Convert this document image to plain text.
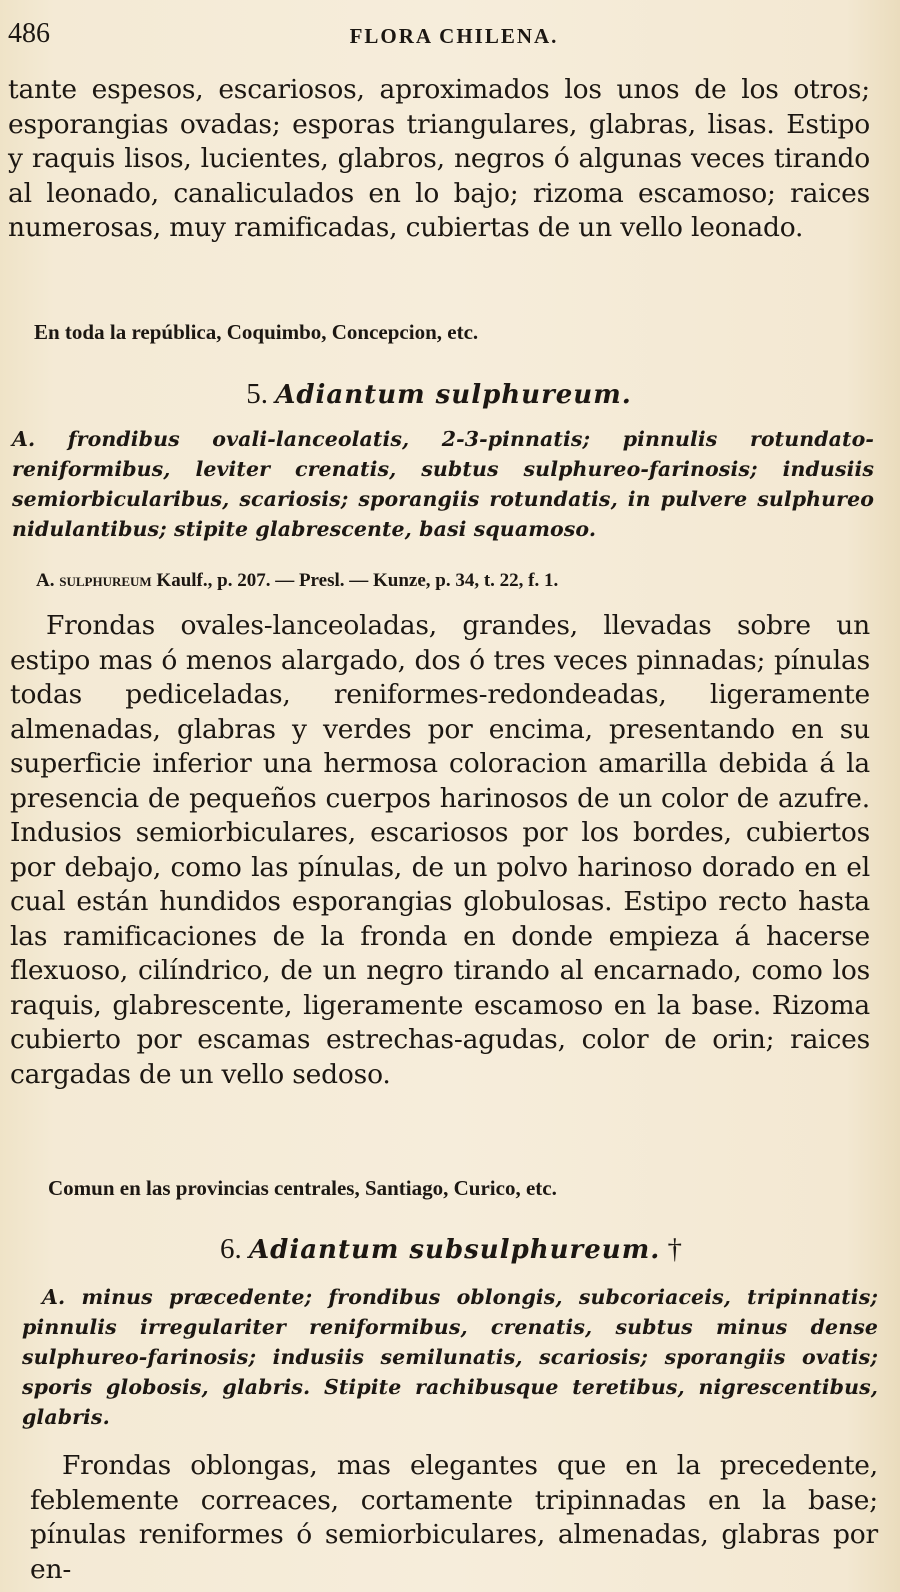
486	FLORA CHILENA.
tante espesos, escariosos, aproximados los unos de los otros; esporangias ovadas; esporas triangulares, glabras, lisas. Estipo y raquis lisos, lucientes, glabros, negros ó algunas veces tirando al leonado, canaliculados en lo bajo; rizoma escamoso; raices numerosas, muy ramificadas, cubiertas de un vello leonado.
En toda la república, Coquimbo, Concepcion, etc.
5. Adiantum sulphureum.
A. frondibus ovali-lanceolatis, 2-3-pinnatis; pinnulis rotundato-reniformibus, leviter crenatis, subtus sulphureo-farinosis; indusiis semiorbicularibus, scariosis; sporangiis rotundatis, in pulvere sulphureo nidulantibus; stipite glabrescente, basi squamoso.
A. sulphureum Kaulf., p. 207. — Presl. — Kunze, p. 34, t. 22, f. 1.
Frondas ovales-lanceoladas, grandes, llevadas sobre un estipo mas ó menos alargado, dos ó tres veces pinnadas; pínulas todas pediceladas, reniformes-redondeadas, ligeramente almenadas, glabras y verdes por encima, presentando en su superficie inferior una hermosa coloracion amarilla debida á la presencia de pequeños cuerpos harinosos de un color de azufre. Indusios semiorbiculares, escariosos por los bordes, cubiertos por debajo, como las pínulas, de un polvo harinoso dorado en el cual están hundidos esporangias globulosas. Estipo recto hasta las ramificaciones de la fronda en donde empieza á hacerse flexuoso, cilíndrico, de un negro tirando al encarnado, como los raquis, glabrescente, ligeramente escamoso en la base. Rizoma cubierto por escamas estrechas-agudas, color de orin; raices cargadas de un vello sedoso.
Comun en las provincias centrales, Santiago, Curico, etc.
6. Adiantum subsulphureum. †
A. minus præcedente; frondibus oblongis, subcoriaceis, tripinnatis; pinnulis irregulariter reniformibus, crenatis, subtus minus dense sulphureo-farinosis; indusiis semilunatis, scariosis; sporangiis ovatis; sporis globosis, glabris. Stipite rachibusque teretibus, nigrescentibus, glabris.
Frondas oblongas, mas elegantes que en la precedente, feblemente correaces, cortamente tripinnadas en la base; pínulas reniformes ó semiorbiculares, almenadas, glabras por en-
